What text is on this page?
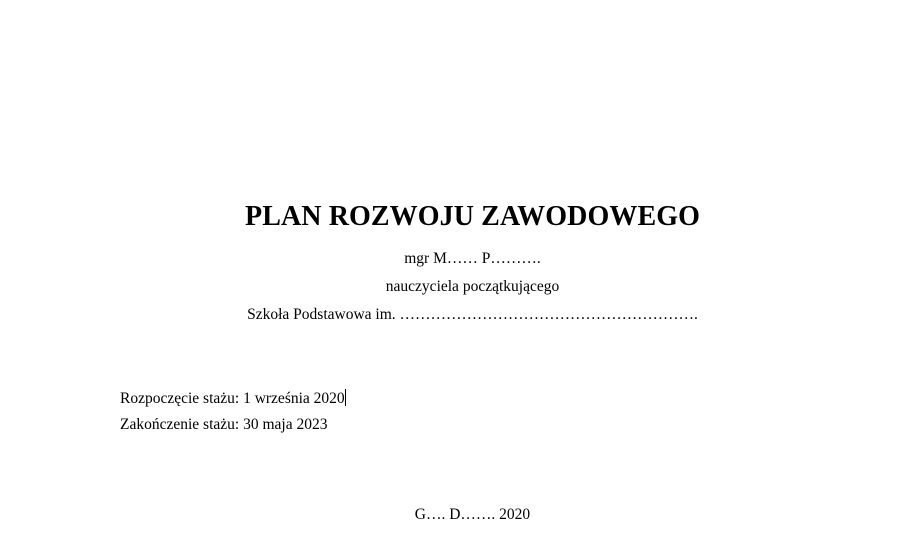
PLAN ROZWOJU ZAWODOWEGO
mgr M…… P……….
nauczyciela początkującego
Szkoła Podstawowa im. ………………………………………………….
Rozpoczęcie stażu: 1 września 2020
Zakończenie stażu: 30 maja 2023
G…. D……. 2020
